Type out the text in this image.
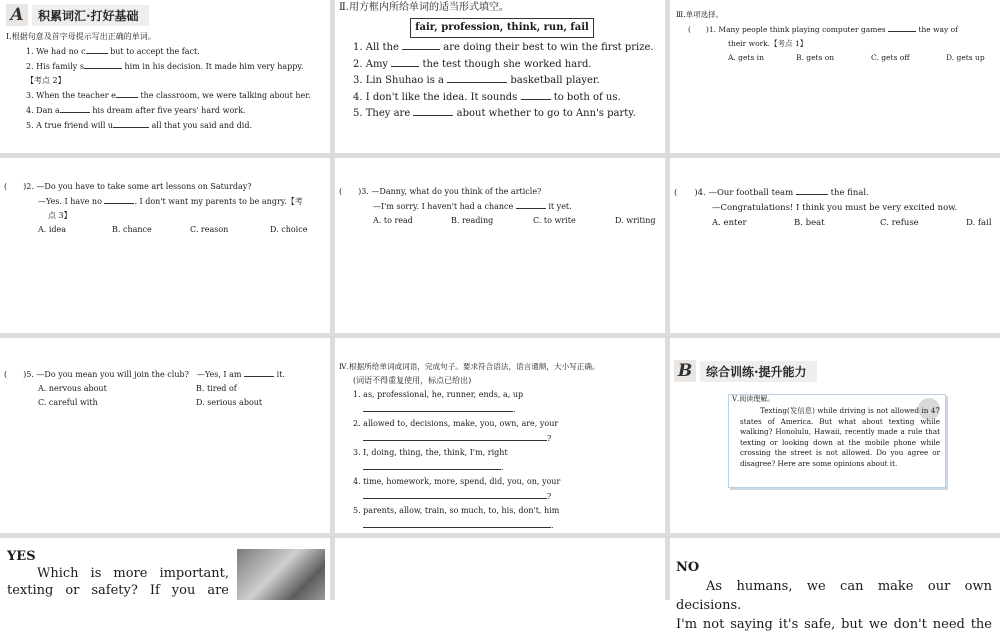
A	积累词汇·打好基础

Ⅰ.根据句意及首字母提示写出正确的单词。

1. We had no c	but to accept the fact.

2. His family s	him in his decision. It made him very happy.

【考点 2】

3. When the teacher e	the classroom, we were talking about her.

4. Dan a	his dream after five years' hard work.

5. A true friend will u	all that you said and did.

Ⅱ.用方框内所给单词的适当形式填空。

fair, profession, think, run, fail

1. All the	are doing their best to win the first prize.

2. Amy	the test though she worked hard.

3. Lin Shuhao is a	basketball player.

4. I don't like the idea. It sounds	to both of us.

5. They are	about whether to go to Ann's party.

Ⅲ.单项选择。

(　　)1. Many people think playing computer games	the way of

their work.【考点 1】

A. gets in	B. gets on	C. gets off	D. gets up

(　　)2. —Do you have to take some art lessons on Saturday?

—Yes. I have no	. I don't want my parents to be angry.【考

点 3】

A. idea	B. chance	C. reason	D. choice

(　　)3. —Danny, what do you think of the article?

—I'm sorry. I haven't had a chance	it yet.

A. to read	B. reading	C. to write	D. writing

(　　)4. —Our football team	the final.

—Congratulations! I think you must be very excited now.

A. enter	B. beat	C. refuse	D. fail

(　　)5. —Do you mean you will join the club?　—Yes, I am	it.

A. nervous about	B. tired of
C. careful with	D. serious about

Ⅳ.根据所给单词或词语，完成句子。要求符合语法，语言通顺，大小写正确。

(词语不得重复使用，标点已给出)

1. as, professional, he, runner, ends, a, up

.

2. allowed to, decisions, make, you, own, are, your

?

3. I, doing, thing, the, think, I'm, right

.

4. time, homework, more, spend, did, you, on, your

?

5. parents, allow, train, so much, to, his, don't, him

.

B	综合训练·提升能力

Ⅴ.阅读理解。

Texting(发信息) while driving is not allowed in 47 states of America. But what about texting while walking? Honolulu, Hawaii, recently made a rule that texting or looking down at the mobile phone while crossing the street is not allowed. Do you agree or disagree? Here are some opinions about it.

YES

Which is more important,

texting or safety? If you are

NO

As humans, we can make our own decisions.

I'm not saying it's safe, but we don't need the
